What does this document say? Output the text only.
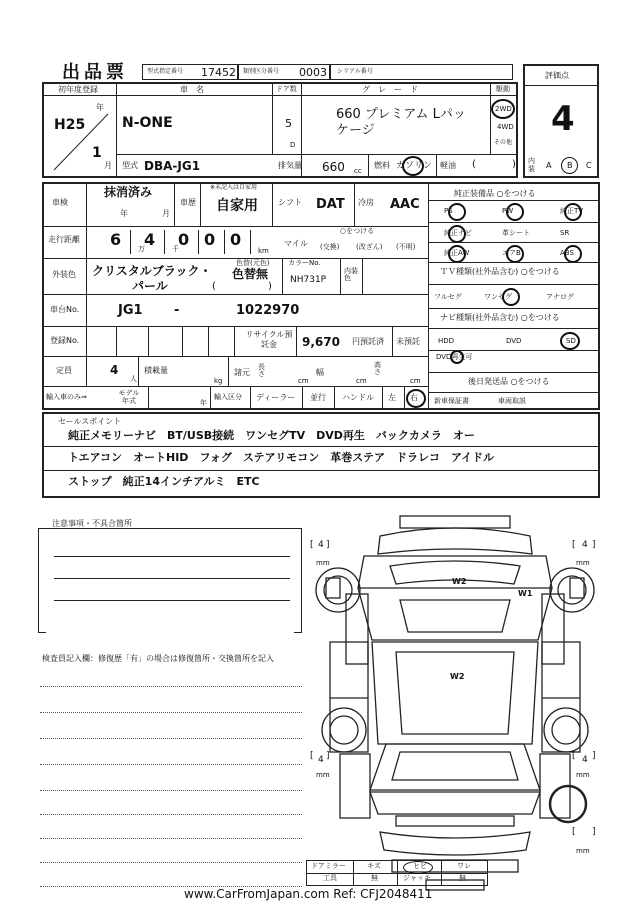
出品票	型式指定番号 17452 類別区分番号 0003 シリアル番号	評価点
4
初年度登録
年
H25
1
月
車　名
N-ONE
ドア数
5
D
グ　レ　ー　ド
660 プレミアム Lパッ
ケージ
駆動
2WD
4WD
その他
型式 DBA-JG1	排気量 660 cc
燃料 ガソリン 軽油 (	) 内装 A B C
車検
抹消済み
年	月
車歴
※未記入は自家用
自家用	シフト DAT 冷房 AAC
走行距離 6 4 0 0 0
万	千	km
○をつける
マイル (交換) (改ざん) (不明)
外装色 クリスタルブラック・
パール
色替(元色)
色替無
(	)
カラーNo.
NH731P
内装色
車台No.	JG1 -	1022970
登録No.
リサイクル預託金	9,670 円預託済 未預託
定員	4
人
積載量
kg
諸元
長さ
cm
幅
cm
高さ
cm
輸入車のみ⇒	モデル年式	年
輸入区分 ディーラー 並行 ハンドル 左 右
純正装備品 ○をつける
ＴＶ種類(社外品含む) ○をつける
ナビ種類(社外品含む) ○をつける
DVD再生可
後日発送品 ○をつける
PS	PW	純正TV
純正ナビ	革シート	SR
純正AW	エアB	ABS
フルセグ	ワンセグ	アナログ
HDD	DVD	SD
新車保証書	車両取説
セールスポイント
純正メモリーナビ　BT/USB接続　ワンセグTV　DVD再生　バックカメラ　オー
トエアコン　オートHID　フォグ　ステアリモコン　革巻ステア　ドラレコ　アイドル
ストップ　純正14インチアルミ　ETC
注意事項・不具合箇所
検査員記入欄：修復歴「有」の場合は修復箇所・交換箇所を記入
W2
W1
W2
[ 4 ]
mm
[ 4 ]
mm
[ 4 ]
mm
[ 4 ]
mm
[ ]
mm
ドアミラー	キズ	ヒビ	ワレ
工具	無	ジャッキ	無
www.CarFromJapan.com Ref: CFJ2048411
